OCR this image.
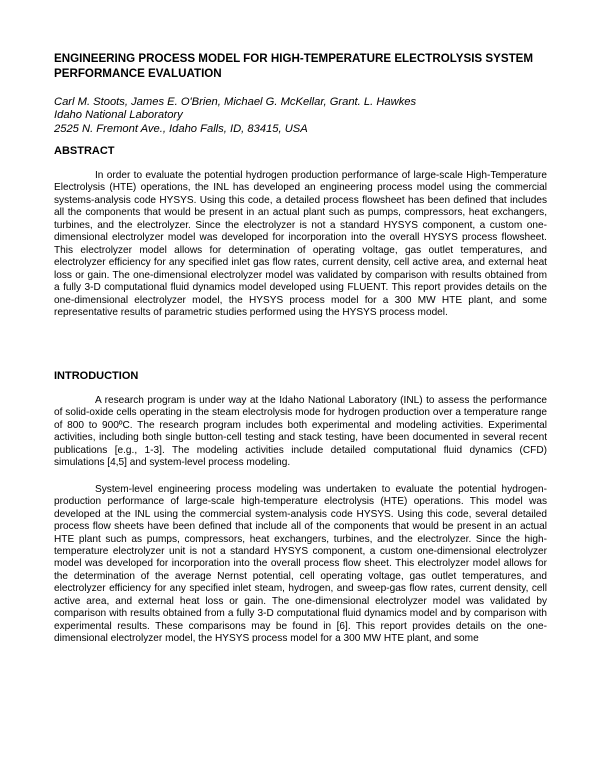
ENGINEERING PROCESS MODEL FOR HIGH-TEMPERATURE ELECTROLYSIS SYSTEM PERFORMANCE EVALUATION
Carl M. Stoots, James E. O'Brien, Michael G. McKellar, Grant. L. Hawkes
Idaho National Laboratory
2525 N. Fremont Ave., Idaho Falls, ID, 83415, USA
ABSTRACT

In order to evaluate the potential hydrogen production performance of large-scale High-Temperature Electrolysis (HTE) operations, the INL has developed an engineering process model using the commercial systems-analysis code HYSYS. Using this code, a detailed process flowsheet has been defined that includes all the components that would be present in an actual plant such as pumps, compressors, heat exchangers, turbines, and the electrolyzer. Since the electrolyzer is not a standard HYSYS component, a custom one-dimensional electrolyzer model was developed for incorporation into the overall HYSYS process flowsheet. This electrolyzer model allows for determination of operating voltage, gas outlet temperatures, and electrolyzer efficiency for any specified inlet gas flow rates, current density, cell active area, and external heat loss or gain. The one-dimensional electrolyzer model was validated by comparison with results obtained from a fully 3-D computational fluid dynamics model developed using FLUENT. This report provides details on the one-dimensional electrolyzer model, the HYSYS process model for a 300 MW HTE plant, and some representative results of parametric studies performed using the HYSYS process model.

INTRODUCTION

A research program is under way at the Idaho National Laboratory (INL) to assess the performance of solid-oxide cells operating in the steam electrolysis mode for hydrogen production over a temperature range of 800 to 900ºC. The research program includes both experimental and modeling activities. Experimental activities, including both single button-cell testing and stack testing, have been documented in several recent publications [e.g., 1-3]. The modeling activities include detailed computational fluid dynamics (CFD) simulations [4,5] and system-level process modeling.

System-level engineering process modeling was undertaken to evaluate the potential hydrogen-production performance of large-scale high-temperature electrolysis (HTE) operations. This model was developed at the INL using the commercial system-analysis code HYSYS. Using this code, several detailed process flow sheets have been defined that include all of the components that would be present in an actual HTE plant such as pumps, compressors, heat exchangers, turbines, and the electrolyzer. Since the high-temperature electrolyzer unit is not a standard HYSYS component, a custom one-dimensional electrolyzer model was developed for incorporation into the overall process flow sheet. This electrolyzer model allows for the determination of the average Nernst potential, cell operating voltage, gas outlet temperatures, and electrolyzer efficiency for any specified inlet steam, hydrogen, and sweep-gas flow rates, current density, cell active area, and external heat loss or gain. The one-dimensional electrolyzer model was validated by comparison with results obtained from a fully 3-D computational fluid dynamics model and by comparison with experimental results. These comparisons may be found in [6]. This report provides details on the one-dimensional electrolyzer model, the HYSYS process model for a 300 MW HTE plant, and some
